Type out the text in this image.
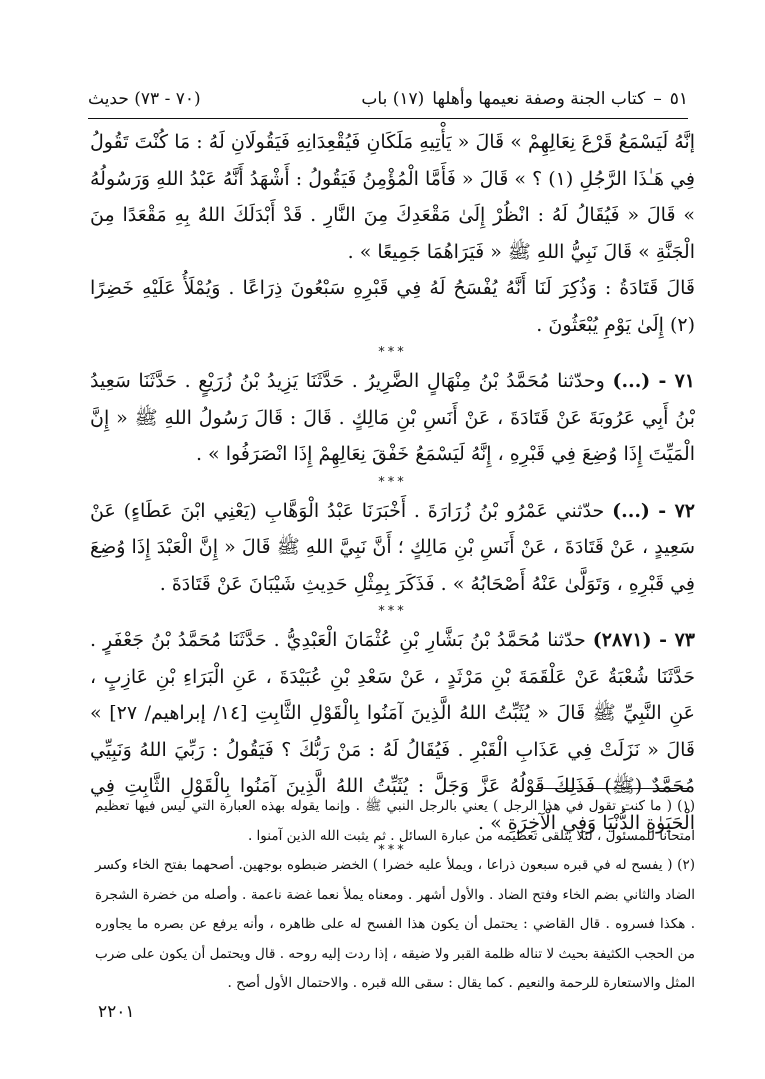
٥١
–
كتاب الجنة وصفة نعيمها وأهلها
(١٧) باب
(٧٠ - ٧٣) حديث

إنَّهُ لَيَسْمَعُ قَرْعَ نِعَالِهِمْ » قَالَ « يَأْتِيهِ مَلَكَانِ فَيُقْعِدَانِهِ فَيَقُولَانِ لَهُ : مَا كُنْتَ تَقُولُ فِي هَـٰذَا الرَّجُلِ (١) ؟ » قَالَ « فَأَمَّا الْمُؤْمِنُ فَيَقُولُ : أَشْهَدُ أَنَّهُ عَبْدُ اللهِ وَرَسُولُهُ » قَالَ « فَيُقَالُ لَهُ : انْظُرْ إِلَىٰ مَقْعَدِكَ مِنَ النَّارِ . قَدْ أَبْدَلَكَ اللهُ بِهِ مَقْعَدًا مِنَ الْجَنَّةِ » قَالَ نَبِيُّ اللهِ ﷺ « فَيَرَاهُمَا جَمِيعًا » .

قَالَ قَتَادَةُ : وَذُكِرَ لَنَا أَنَّهُ يُفْسَحُ لَهُ فِي قَبْرِهِ سَبْعُونَ ذِرَاعًا . وَيُمْلَأُ عَلَيْهِ خَضِرًا (٢) إِلَىٰ يَوْمِ يُبْعَثُونَ .

***

٧١ - (...) وحدّثنا مُحَمَّدُ بْنُ مِنْهَالٍ الضَّرِيرُ . حَدَّثَنَا يَزِيدُ بْنُ زُرَيْعٍ . حَدَّثَنَا سَعِيدُ بْنُ أَبِي عَرُوبَةَ عَنْ قَتَادَةَ ، عَنْ أَنَسِ بْنِ مَالِكٍ . قَالَ : قَالَ رَسُولُ اللهِ ﷺ « إِنَّ الْمَيِّتَ إِذَا وُضِعَ فِي قَبْرِهِ ، إِنَّهُ لَيَسْمَعُ خَفْقَ نِعَالِهِمْ إِذَا انْصَرَفُوا » .

***

٧٢ - (...) حدّثني عَمْرُو بْنُ زُرَارَةَ . أَخْبَرَنَا عَبْدُ الْوَهَّابِ (يَعْنِي ابْنَ عَطَاءٍ) عَنْ سَعِيدٍ ، عَنْ قَتَادَةَ ، عَنْ أَنَسِ بْنِ مَالِكٍ ؛ أَنَّ نَبِيَّ اللهِ ﷺ قَالَ « إِنَّ الْعَبْدَ إِذَا وُضِعَ فِي قَبْرِهِ ، وَتَوَلَّىٰ عَنْهُ أَصْحَابُهُ » . فَذَكَرَ بِمِثْلِ حَدِيثِ شَيْبَانَ عَنْ قَتَادَةَ .

***

٧٣ - (٢٨٧١) حدّثنا مُحَمَّدُ بْنُ بَشَّارِ بْنِ عُثْمَانَ الْعَبْدِيُّ . حَدَّثَنَا مُحَمَّدُ بْنُ جَعْفَرٍ . حَدَّثَنَا شُعْبَةُ عَنْ عَلْقَمَةَ بْنِ مَرْثَدٍ ، عَنْ سَعْدِ بْنِ عُبَيْدَةَ ، عَنِ الْبَرَاءِ بْنِ عَازِبٍ ، عَنِ النَّبِيِّ ﷺ قَالَ « يُثَبِّتُ اللهُ الَّذِينَ آمَنُوا بِالْقَوْلِ الثَّابِتِ [١٤/ إبراهيم/ ٢٧] » قَالَ « نَزَلَتْ فِي عَذَابِ الْقَبْرِ . فَيُقَالُ لَهُ : مَنْ رَبُّكَ ؟ فَيَقُولُ : رَبِّيَ اللهُ وَنَبِيِّي مُحَمَّدٌ (ﷺ) فَذَلِكَ قَوْلُهُ عَزَّ وَجَلَّ : يُثَبِّتُ اللهُ الَّذِينَ آمَنُوا بِالْقَوْلِ الثَّابِتِ فِي الْحَيَوٰةِ الدُّنْيَا وَفِي الْآخِرَةِ » .

***

(١) ( ما كنت تقول في هذا الرجل ) يعني بالرجل النبي ﷺ . وإنما يقوله بهذه العبارة التي ليس فيها تعظيم امتحانا للمسئول ، لئلا يتلقى تعظيمه من عبارة السائل . ثم يثبت الله الذين آمنوا .

(٢) ( يفسح له في قبره سبعون ذراعا ، ويملأ عليه خضرا ) الخضر ضبطوه بوجهين. أصحهما بفتح الخاء وكسر الضاد والثاني بضم الخاء وفتح الضاد . والأول أشهر . ومعناه يملأ نعما غضة ناعمة . وأصله من خضرة الشجرة . هكذا فسروه . قال القاضي : يحتمل أن يكون هذا الفسح له على ظاهره ، وأنه يرفع عن بصره ما يجاوره من الحجب الكثيفة بحيث لا تناله ظلمة القبر ولا ضيقه ، إذا ردت إليه روحه . قال ويحتمل أن يكون على ضرب المثل والاستعارة للرحمة والنعيم . كما يقال : سقى الله قبره . والاحتمال الأول أصح .

٢٢٠١
